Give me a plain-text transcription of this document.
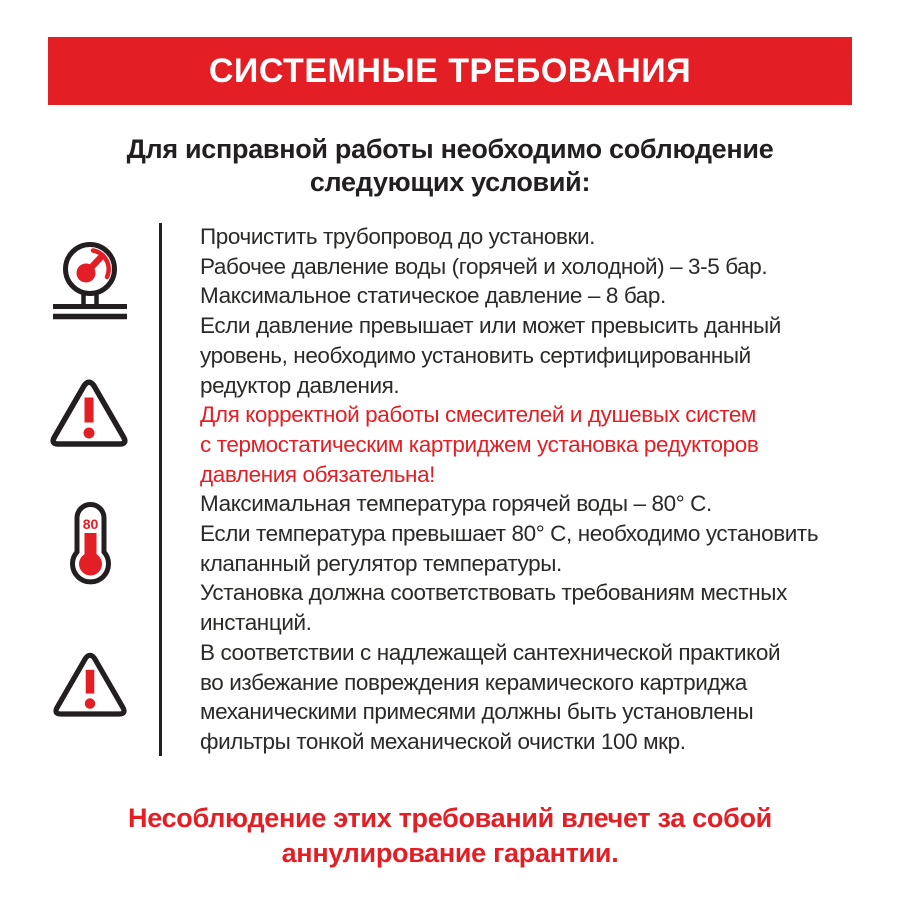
СИСТЕМНЫЕ ТРЕБОВАНИЯ
Для исправной работы необходимо соблюдение
следующих условий:
80
Прочистить трубопровод до установки.
Рабочее давление воды (горячей и холодной) – 3-5 бар.
Максимальное статическое давление – 8 бар.
Если давление превышает или может превысить данный
уровень, необходимо установить сертифицированный
редуктор давления.
Для корректной работы смесителей и душевых систем
с термостатическим картриджем установка редукторов
давления обязательна!
Максимальная температура горячей воды – 80° С.
Если температура превышает 80° С, необходимо установить
клапанный регулятор температуры.
Установка должна соответствовать требованиям местных
инстанций.
В соответствии с надлежащей сантехнической практикой
во избежание повреждения керамического картриджа
механическими примесями должны быть установлены
фильтры тонкой механической очистки 100 мкр.
Несоблюдение этих требований влечет за собой
аннулирование гарантии.
